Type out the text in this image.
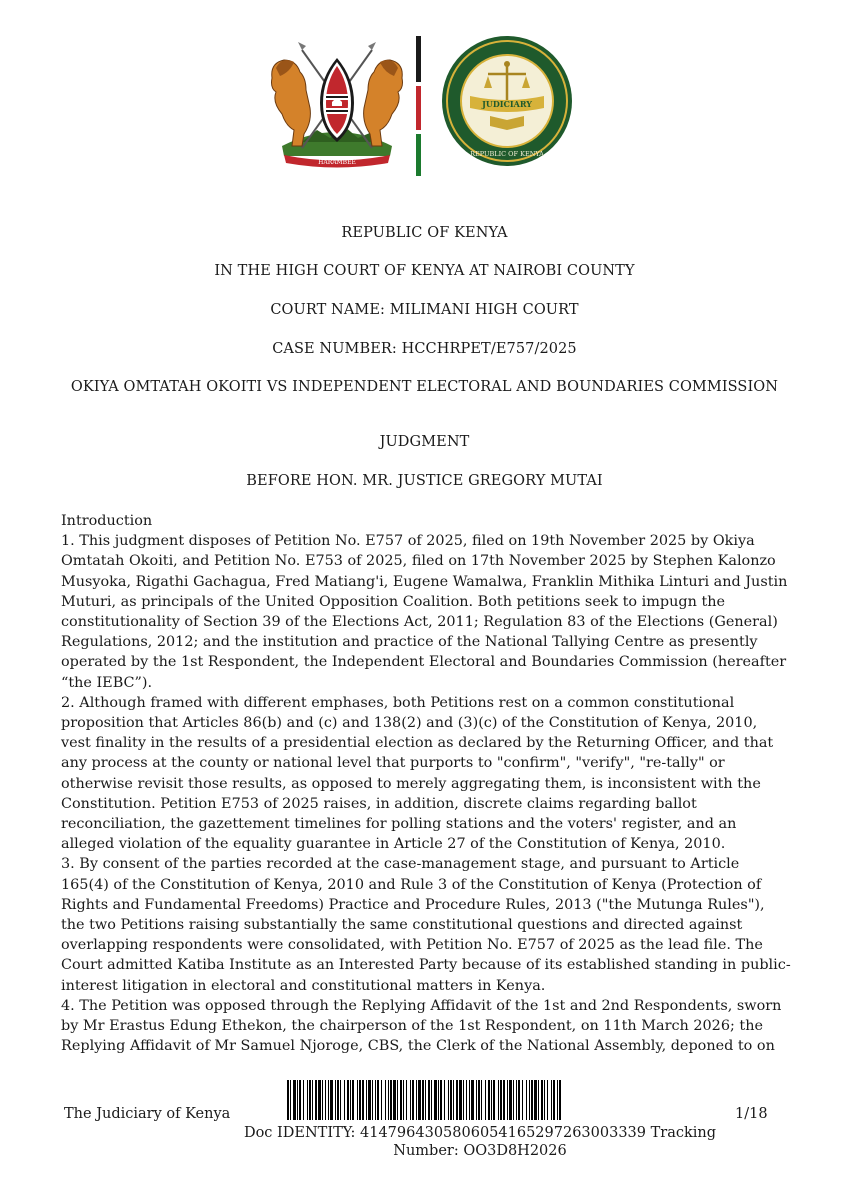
HARAMBEE
JUDICIARY
REPUBLIC OF KENYA
REPUBLIC OF KENYA
IN THE HIGH COURT OF KENYA AT NAIROBI COUNTY
COURT NAME: MILIMANI HIGH COURT
CASE NUMBER: HCCHRPET/E757/2025
OKIYA OMTATAH OKOITI VS INDEPENDENT ELECTORAL AND BOUNDARIES COMMISSION
JUDGMENT
BEFORE HON. MR. JUSTICE GREGORY MUTAI

Introduction

1. This judgment disposes of Petition No. E757 of 2025, filed on 19th November 2025 by Okiya Omtatah Okoiti, and Petition No. E753 of 2025, filed on 17th November 2025 by Stephen Kalonzo Musyoka, Rigathi Gachagua, Fred Matiang'i, Eugene Wamalwa, Franklin Mithika Linturi and Justin Muturi, as principals of the United Opposition Coalition. Both petitions seek to impugn the constitutionality of Section 39 of the Elections Act, 2011; Regulation 83 of the Elections (General) Regulations, 2012; and the institution and practice of the National Tallying Centre as presently operated by the 1st Respondent, the Independent Electoral and Boundaries Commission (hereafter “the IEBC”).

2. Although framed with different emphases, both Petitions rest on a common constitutional proposition that Articles 86(b) and (c) and 138(2) and (3)(c) of the Constitution of Kenya, 2010, vest finality in the results of a presidential election as declared by the Returning Officer, and that any process at the county or national level that purports to "confirm", "verify", "re-tally" or otherwise revisit those results, as opposed to merely aggregating them, is inconsistent with the Constitution. Petition E753 of 2025 raises, in addition, discrete claims regarding ballot reconciliation, the gazettement timelines for polling stations and the voters' register, and an alleged violation of the equality guarantee in Article 27 of the Constitution of Kenya, 2010.

3. By consent of the parties recorded at the case-management stage, and pursuant to Article 165(4) of the Constitution of Kenya, 2010 and Rule 3 of the Constitution of Kenya (Protection of Rights and Fundamental Freedoms) Practice and Procedure Rules, 2013 ("the Mutunga Rules"), the two Petitions raising substantially the same constitutional questions and directed against overlapping respondents were consolidated, with Petition No. E757 of 2025 as the lead file. The Court admitted Katiba Institute as an Interested Party because of its established standing in public-interest litigation in electoral and constitutional matters in Kenya.

4. The Petition was opposed through the Replying Affidavit of the 1st and 2nd Respondents, sworn by Mr Erastus Edung Ethekon, the chairperson of the 1st Respondent, on 11th March 2026; the Replying Affidavit of Mr Samuel Njoroge, CBS, the Clerk of the National Assembly, deponed to on

The Judiciary of Kenya	1/18
Doc IDENTITY: 4147964305806054165297263003339 Tracking Number: OO3D8H2026
